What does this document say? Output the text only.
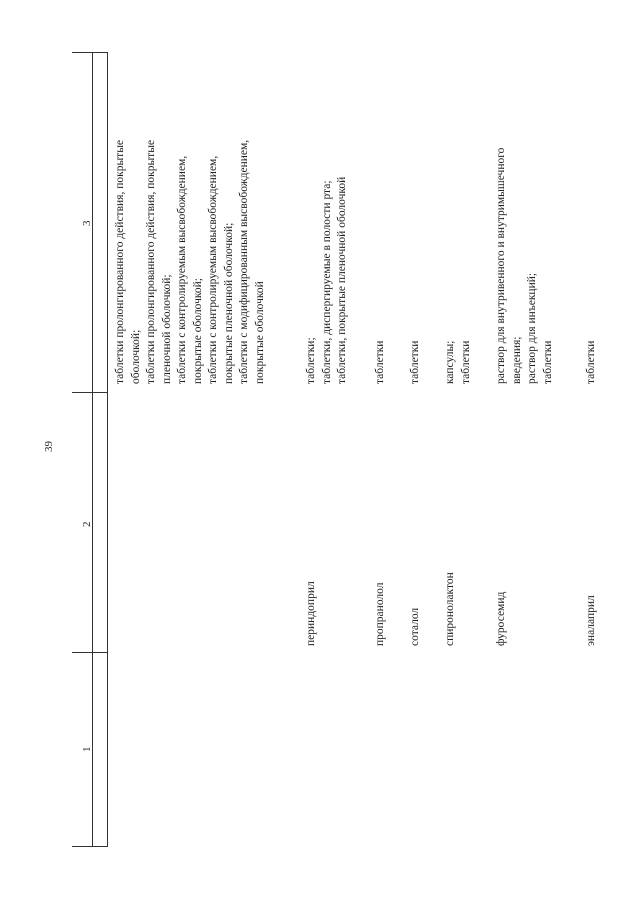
39
1
2
3 таблетки пролонгированного действия, покрытые оболочкой; таблетки пролонгированного действия, покрытые пленочной оболочкой; таблетки с контролируемым высвобождением, покрытые оболочкой; таблетки с контролируемым высвобождением, покрытые пленочной оболочкой; таблетки с модифицированным высвобождением, покрытые оболочкой
периндоприл
таблетки; таблетки, диспергируемые в полости рта; таблетки, покрытые пленочной оболочкой
пропранолол
таблетки
соталол
таблетки
спиронолактон
капсулы; таблетки
фуросемид
раствор для внутривенного и внутримышечного введения; раствор для инъекций; таблетки
эналаприл
таблетки
